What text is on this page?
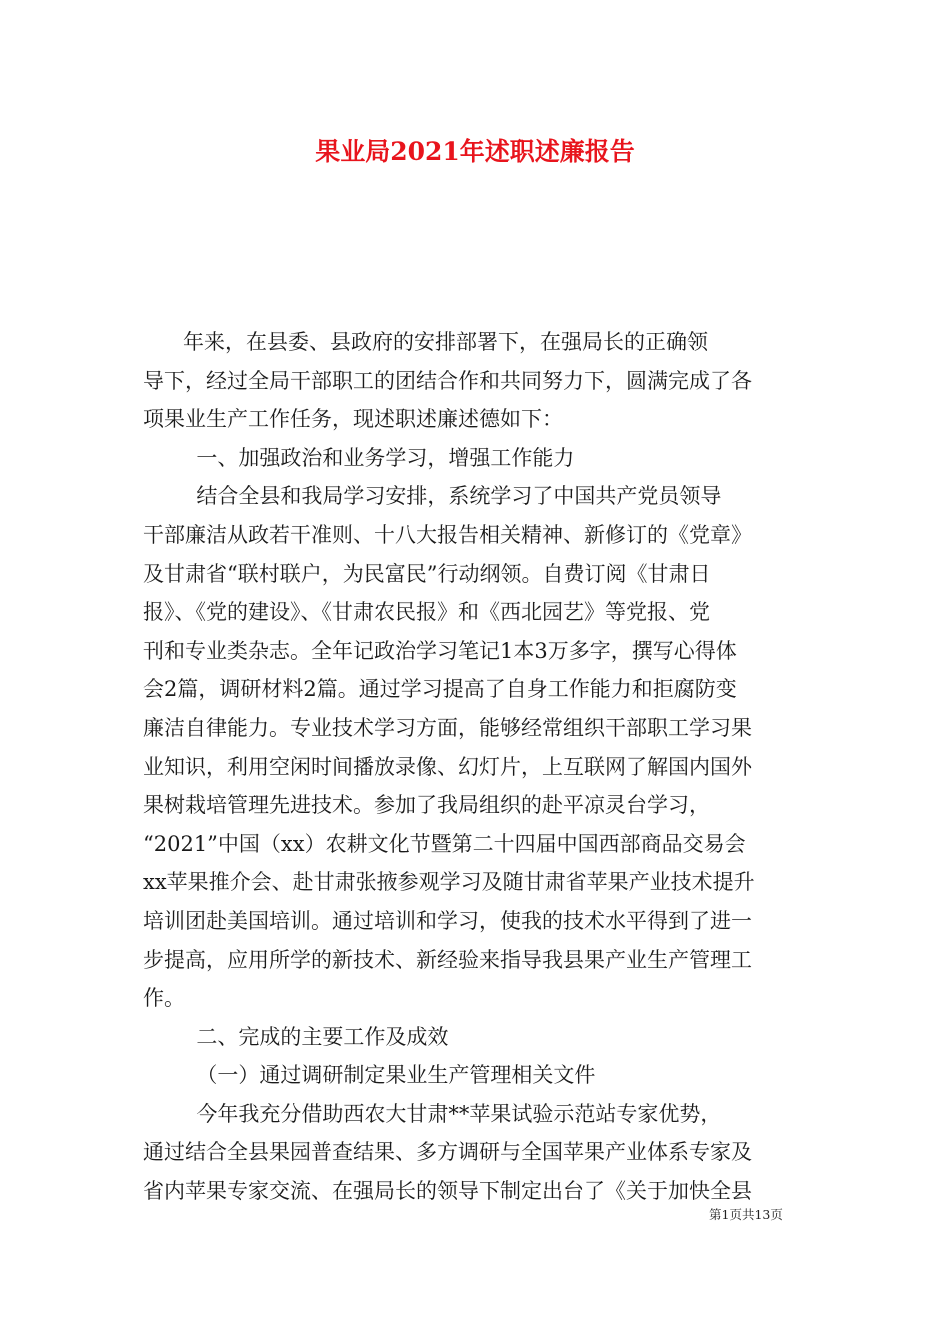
果业局2021年述职述廉报告
年来，在县委、县政府的安排部署下，在强局长的正确领
导下，经过全局干部职工的团结合作和共同努力下，圆满完成了各
项果业生产工作任务，现述职述廉述德如下：
一、加强政治和业务学习，增强工作能力
结合全县和我局学习安排，系统学习了中国共产党员领导
干部廉洁从政若干准则、十八大报告相关精神、新修订的《党章》
及甘肃省“联村联户，为民富民”行动纲领。自费订阅《甘肃日
报》、《党的建设》、《甘肃农民报》和《西北园艺》等党报、党
刊和专业类杂志。全年记政治学习笔记1本3万多字，撰写心得体
会2篇，调研材料2篇。通过学习提高了自身工作能力和拒腐防变
廉洁自律能力。专业技术学习方面，能够经常组织干部职工学习果
业知识，利用空闲时间播放录像、幻灯片，上互联网了解国内国外
果树栽培管理先进技术。参加了我局组织的赴平凉灵台学习，
“2021”中国（xx）农耕文化节暨第二十四届中国西部商品交易会
xx苹果推介会、赴甘肃张掖参观学习及随甘肃省苹果产业技术提升
培训团赴美国培训。通过培训和学习，使我的技术水平得到了进一
步提高，应用所学的新技术、新经验来指导我县果产业生产管理工
作。
二、完成的主要工作及成效
（一）通过调研制定果业生产管理相关文件
今年我充分借助西农大甘肃**苹果试验示范站专家优势，
通过结合全县果园普查结果、多方调研与全国苹果产业体系专家及
省内苹果专家交流、在强局长的领导下制定出台了《关于加快全县
第1页共13页
